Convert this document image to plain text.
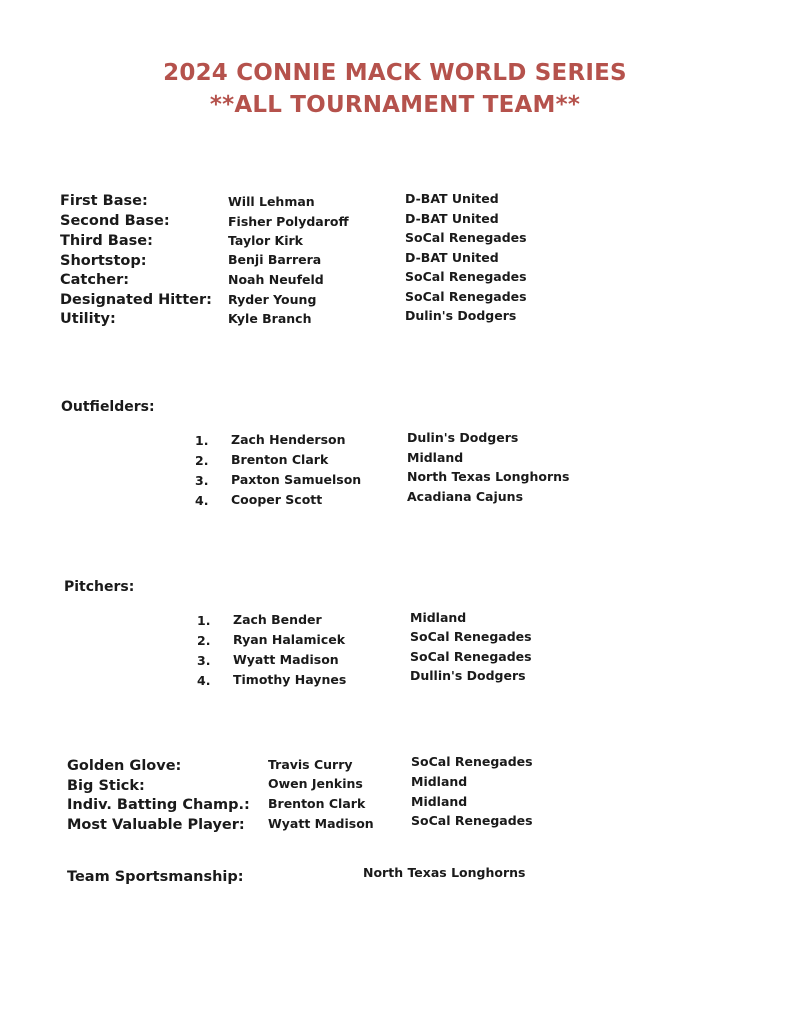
2024 CONNIE MACK WORLD SERIES
**ALL TOURNAMENT TEAM**
First Base:	Will Lehman	D-BAT United
Second Base:	Fisher Polydaroff	D-BAT United
Third Base:	Taylor Kirk	SoCal Renegades
Shortstop:	Benji Barrera	D-BAT United
Catcher:	Noah Neufeld	SoCal Renegades
Designated Hitter: Ryder Young	SoCal Renegades
Utility:	Kyle Branch	Dulin's Dodgers
Outfielders:
1. Zach Henderson	Dulin's Dodgers
2. Brenton Clark	Midland
3. Paxton Samuelson	North Texas Longhorns
4. Cooper Scott	Acadiana Cajuns
Pitchers:
1. Zach Bender	Midland
2. Ryan Halamicek	SoCal Renegades
3. Wyatt Madison	SoCal Renegades
4. Timothy Haynes	Dullin's Dodgers
Golden Glove:	Travis Curry	SoCal Renegades
Big Stick:	Owen Jenkins	Midland
Indiv. Batting Champ.: Brenton Clark	Midland
Most Valuable Player: Wyatt Madison	SoCal Renegades
Team Sportsmanship:	North Texas Longhorns
